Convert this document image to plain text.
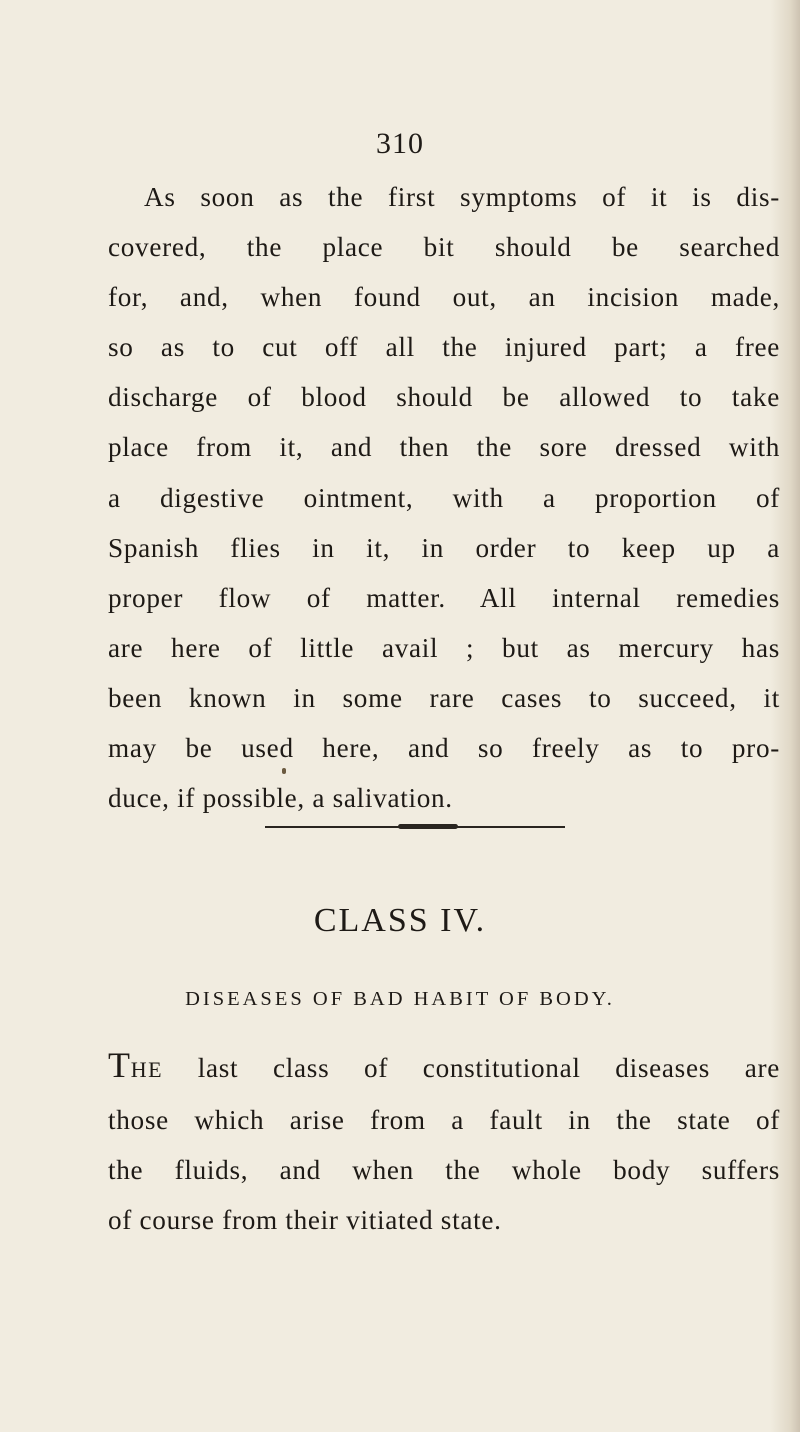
310

As soon as the first symptoms of it is dis-
covered, the place bit should be searched
for, and, when found out, an incision made,
so as to cut off all the injured part; a free
discharge of blood should be allowed to take
place from it, and then the sore dressed with
a digestive ointment, with a proportion of
Spanish flies in it, in order to keep up a
proper flow of matter. All internal remedies
are here of little avail ; but as mercury has
been known in some rare cases to succeed, it
may be used here, and so freely as to pro-
duce, if possible, a salivation.

CLASS IV.
DISEASES OF BAD HABIT OF BODY.

THE last class of constitutional diseases are
those which arise from a fault in the state of
the fluids, and when the whole body suffers
of course from their vitiated state.
